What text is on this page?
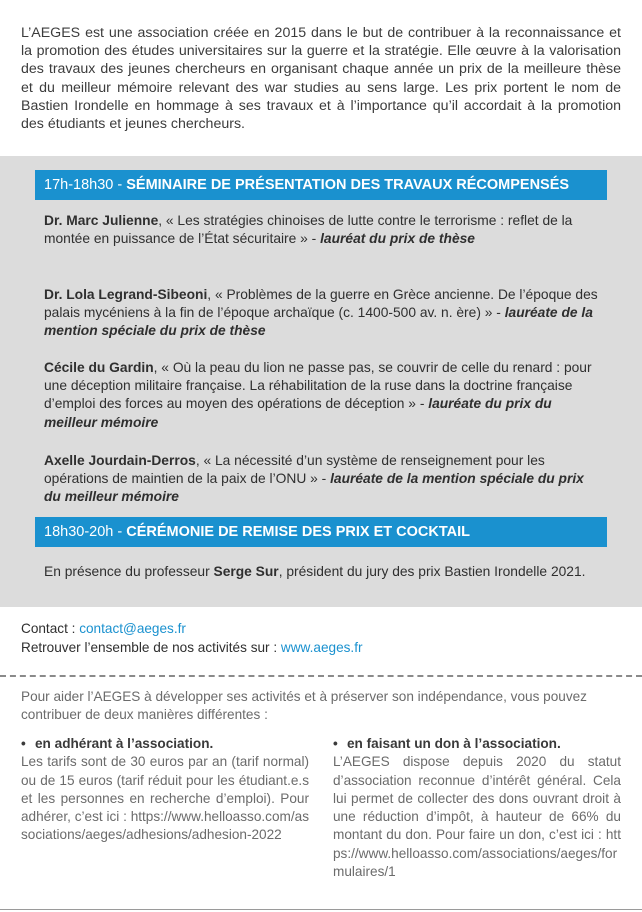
L’AEGES est une association créée en 2015 dans le but de contribuer à la reconnaissance et la promotion des études universitaires sur la guerre et la stratégie. Elle œuvre à la valorisation des travaux des jeunes chercheurs en organisant chaque année un prix de la meilleure thèse et du meilleur mémoire relevant des war studies au sens large. Les prix portent le nom de Bastien Irondelle en hommage à ses travaux et à l’importance qu’il accordait à la promotion des étudiants et jeunes chercheurs.
17h-18h30 - SÉMINAIRE DE PRÉSENTATION DES TRAVAUX RÉCOMPENSÉS
Dr. Marc Julienne, « Les stratégies chinoises de lutte contre le terrorisme : reflet de la montée en puissance de l’État sécuritaire » - lauréat du prix de thèse
Dr. Lola Legrand-Sibeoni, « Problèmes de la guerre en Grèce ancienne. De l’époque des palais mycéniens à la fin de l’époque archaïque (c. 1400-500 av. n. ère) » - lauréate de la mention spéciale du prix de thèse
Cécile du Gardin, « Où la peau du lion ne passe pas, se couvrir de celle du renard : pour une déception militaire française. La réhabilitation de la ruse dans la doctrine française d’emploi des forces au moyen des opérations de déception » - lauréate du prix du meilleur mémoire
Axelle Jourdain-Derros, « La nécessité d’un système de renseignement pour les opérations de maintien de la paix de l’ONU » - lauréate de la mention spéciale du prix du meilleur mémoire
18h30-20h - CÉRÉMONIE DE REMISE DES PRIX ET COCKTAIL
En présence du professeur Serge Sur, président du jury des prix Bastien Irondelle 2021.
Contact : contact@aeges.fr
Retrouver l’ensemble de nos activités sur : www.aeges.fr
Pour aider l’AEGES à développer ses activités et à préserver son indépendance, vous pouvez contribuer de deux manières différentes :
• en adhérant à l’association.
Les tarifs sont de 30 euros par an (tarif normal) ou de 15 euros (tarif réduit pour les étudiant.e.s et les personnes en recherche d’emploi). Pour adhérer, c’est ici : https://www.helloasso.com/associations/aeges/adhesions/adhesion-2022
• en faisant un don à l’association.
L’AEGES dispose depuis 2020 du statut d’association reconnue d’intérêt général. Cela lui permet de collecter des dons ouvrant droit à une réduction d’impôt, à hauteur de 66% du montant du don. Pour faire un don, c’est ici : https://www.helloasso.com/associations/aeges/formulaires/1
